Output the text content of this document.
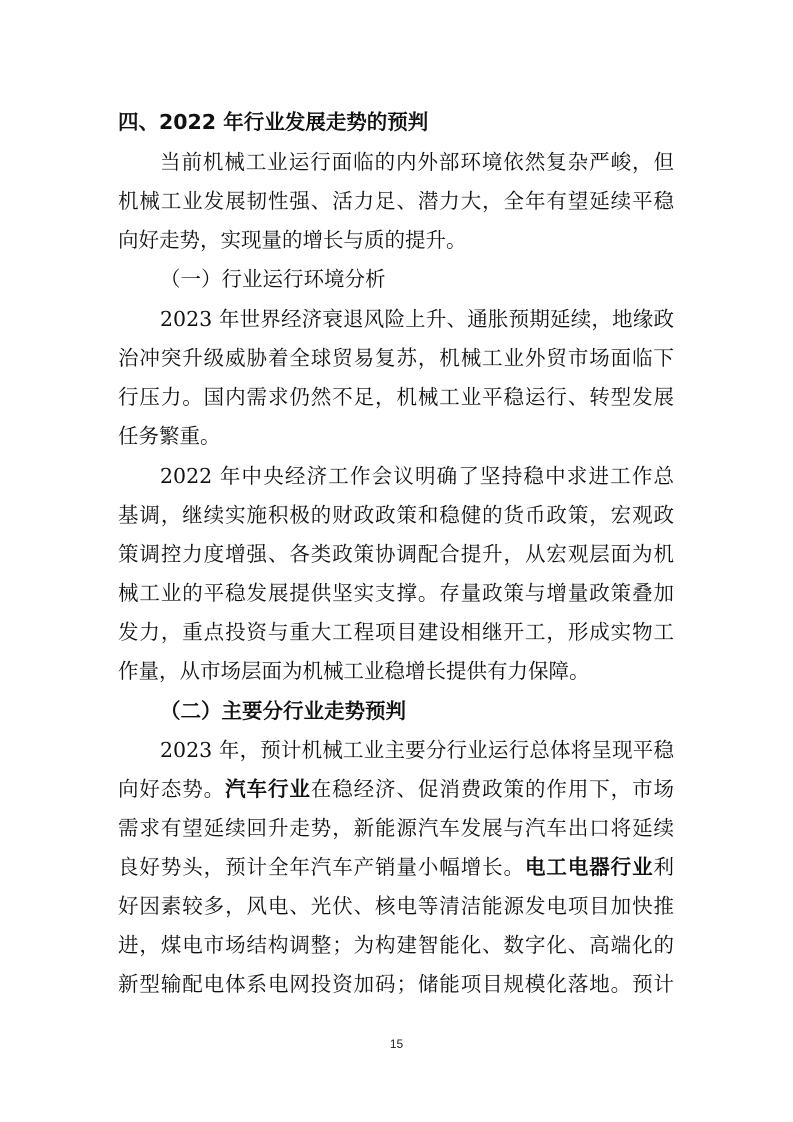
四、2022 年行业发展走势的预判
当前机械工业运行面临的内外部环境依然复杂严峻，但
机械工业发展韧性强、活力足、潜力大，全年有望延续平稳
向好走势，实现量的增长与质的提升。
（一）行业运行环境分析
2023 年世界经济衰退风险上升、通胀预期延续，地缘政
治冲突升级威胁着全球贸易复苏，机械工业外贸市场面临下
行压力。国内需求仍然不足，机械工业平稳运行、转型发展
任务繁重。
2022 年中央经济工作会议明确了坚持稳中求进工作总
基调，继续实施积极的财政政策和稳健的货币政策，宏观政
策调控力度增强、各类政策协调配合提升，从宏观层面为机
械工业的平稳发展提供坚实支撑。存量政策与增量政策叠加
发力，重点投资与重大工程项目建设相继开工，形成实物工
作量，从市场层面为机械工业稳增长提供有力保障。
（二）主要分行业走势预判
2023 年，预计机械工业主要分行业运行总体将呈现平稳
向好态势。汽车行业在稳经济、促消费政策的作用下，市场
需求有望延续回升走势，新能源汽车发展与汽车出口将延续
良好势头，预计全年汽车产销量小幅增长。电工电器行业利
好因素较多，风电、光伏、核电等清洁能源发电项目加快推
进，煤电市场结构调整；为构建智能化、数字化、高端化的
新型输配电体系电网投资加码；储能项目规模化落地。预计
15
